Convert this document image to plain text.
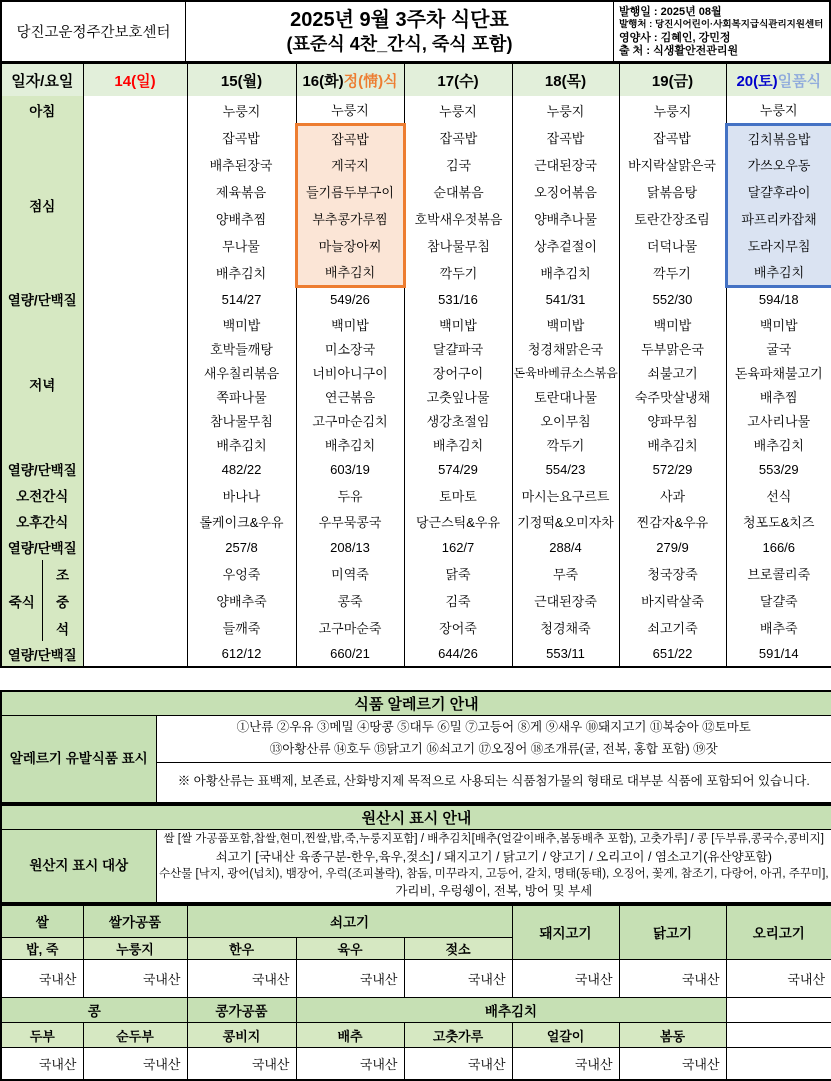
당진고운정주간보호센터
2025년 9월 3주차 식단표
(표준식 4찬_간식, 죽식 포함)
발행일 : 2025년 08월
발행처 : 당진시어린이·사회복지급식관리지원센터
영양사 : 김혜인, 강민정
출 처 : 식생활안전관리원
일자/요일		14(일)	15(월)	16(화)정(情)식	17(수)	18(목)	19(금)	20(토)일품식
아침			누룽지	누룽지	누룽지	누룽지	누룽지	누룽지
점심			잡곡밥	잡곡밥	잡곡밥	잡곡밥	잡곡밥	김치볶음밥
			배추된장국	게국지	김국	근대된장국	바지락살맑은국	가쓰오우동
			제육볶음	들기름두부구이	순대볶음	오징어볶음	닭볶음탕	달걀후라이
			양배추찜	부추콩가루찜	호박새우젓볶음	양배추나물	토란간장조림	파프리카잡채
			무나물	마늘장아찌	참나물무침	상추겉절이	더덕나물	도라지무침
			배추김치	배추김치	깍두기	배추김치	깍두기	배추김치
열량/단백질			514/27	549/26	531/16	541/31	552/30	594/18
저녁			백미밥	백미밥	백미밥	백미밥	백미밥	백미밥
			호박들깨탕	미소장국	달걀파국	청경채맑은국	두부맑은국	굴국
			새우칠리볶음	너비아니구이	장어구이	돈육바베큐소스볶음	쇠불고기	돈육파채불고기
			쪽파나물	연근볶음	고춧잎나물	토란대나물	숙주맛살냉채	배추찜
			참나물무침	고구마순김치	생강초절임	오이무침	양파무침	고사리나물
			배추김치	배추김치	배추김치	깍두기	배추김치	배추김치
열량/단백질			482/22	603/19	574/29	554/23	572/29	553/29
오전간식			바나나	두유	토마토	마시는요구르트	사과	선식
오후간식			롤케이크&우유	우무묵콩국	당근스틱&우유	기정떡&오미자차	찐감자&우유	청포도&치즈
열량/단백질			257/8	208/13	162/7	288/4	279/9	166/6
죽식	조		우엉죽	미역죽	닭죽	무죽	청국장죽	브로콜리죽
	중		양배추죽	콩죽	김죽	근대된장죽	바지락살죽	달걀죽
	석		들깨죽	고구마순죽	장어죽	청경채죽	쇠고기죽	배추죽
열량/단백질			612/12	660/21	644/26	553/11	651/22	591/14
식품 알레르기 안내
알레르기 유발식품 표시	
①난류 ②우유 ③메밀 ④땅콩 ⑤대두 ⑥밀 ⑦고등어 ⑧게 ⑨새우 ⑩돼지고기 ⑪복숭아 ⑫토마토
⑬아황산류 ⑭호두 ⑮닭고기 ⑯쇠고기 ⑰오징어 ⑱조개류(굴, 전복, 홍합 포함) ⑲잣

※ 아황산류는 표백제, 보존료, 산화방지제 목적으로 사용되는 식품첨가물의 형태로 대부분 식품에 포함되어 있습니다.
원산시 표시 안내
원산지 표시 대상	
쌀 [쌀 가공품포함,찹쌀,현미,찐쌀,밥,죽,누룽지포함] / 배추김치[배추(얼갈이배추,봄동배추 포함), 고춧가루] / 콩 [두부류,콩국수,콩비지]
쇠고기 [국내산 육종구분-한우,육우,젖소] / 돼지고기 / 닭고기 / 양고기 / 오리고이 / 염소고기(유산양포함)
수산물 [낙지, 광어(넙치), 뱀장어, 우럭(조피볼락), 참돔, 미꾸라지, 고등어, 갈치, 명태(동태), 오징어, 꽃게, 참조기, 다랑어, 아귀, 주꾸미],
가리비, 우렁쉥이, 전복, 방어 및 부세
쌀	쌀가공품	쇠고기			돼지고기	닭고기	오리고기
밥, 죽	누룽지	한우	육우	젖소			
국내산	국내산	국내산	국내산	국내산	국내산	국내산	국내산
콩		콩가공품	배추김치				
두부	순두부	콩비지	배추	고춧가루	얼갈이	봄동	
국내산	국내산	국내산	국내산	국내산	국내산	국내산	
